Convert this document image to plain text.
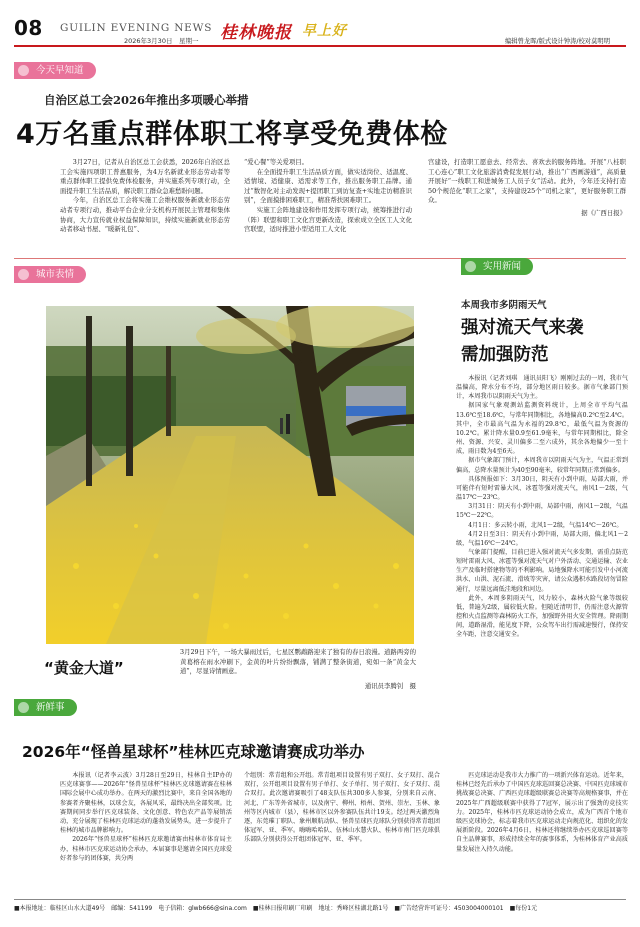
08 GUILIN EVENING NEWS
2026年3月30日　星期一 桂林晚报 早上好
编辑曾龙晖/版式设计钟涛/校对莫明明
今天早知道
自治区总工会2026年推出多项暖心举措
4万名重点群体职工将享受免费体检

3月27日，记者从自治区总工会获悉，2026年自治区总工会实施四项职工普惠服务，为4万名新就业形态劳动者等重点群体职工提供免费体检服务，并实施系列专项行动，全面提升职工生活品质，解决职工群众急难愁盼问题。

今年，自治区总工会将实施工会维权服务新就业形态劳动者专项行动，推动平台企业分支机构开展民主管理和集体协商，大力宣传就业权益保障知识，持续实施新就业形态劳动者移动书屋、“暖新礼包”、

“爱心餐”等关爱项目。

在全面提升职工生活品质方面，做实适岗位、适温度、适情境、适健康、适需求等工作，推出服务职工品牌。通过“数智化对主动发现+提团职工到访复查+实地走访精准识别”，全面摸排困难职工，精准帮扶困难职工。

实施工会阵地建设和作用发挥专项行动，统筹推进行动（阵）联盟和职工文化宫更新改造，探索成立全区工人文化宫联盟，适时推进小型适用工人文化

宫建设，打造职工愿意去、经常去、喜欢去的服务阵地。开展“八桂职工心连心”职工文化旅游消费促发展行动，推出“广西画游通”，高质量开展好“一线职工和进城务工人员子女”活动。此外，今年还支持打造50个规范化“职工之家”，支持建设25个“司机之家”，更好服务职工群众。

据《广西日报》

城市表情
“黄金大道”
3月29日下午，一场大暴雨过后，七星区鹦鹉路迎来了独有的春日浪漫。道路两旁的黄葛榕在雨水冲刷下，金黄的叶片纷纷飘落，铺满了整条街道，宛如一条“黄金大道”，尽显诗情画意。
通讯员李腾钊　摄
实用新闻
本周我市多阴雨天气
强对流天气来袭
需加强防范

本报讯（记者刘琪　通讯员阳飞）刚刚过去的一周，我市气温偏高，降水分布不均，部分地区雨日较多。据市气象部门预计，本周我市以阴雨天气为主。

据国家气象观测站监测资料统计，上周全市平均气温13.6℃至18.6℃，与常年同期相比，各地偏高0.2℃至2.4℃。其中，全市最高气温为永福的29.8℃，最低气温为资源的10.2℃。累计降水量0.9至61.9毫米，与常年同期相比，除全州、资源、兴安、灵川偏多二至六成外，其余各地偏少一至十成，雨日数为4至6天。

据市气象部门预计，本周我市以阴雨天气为主，气温正常到偏高，总降水量预计为40至90毫米，较常年同期正常到偏多。

具体预报如下：3月30日，阴天有小到中雨，局部大雨，并可能伴有短时雷暴大风、冰雹等强对流天气，南风1～2级，气温17℃～23℃。

3月31日：阴天有小到中雨，局部中雨，南风1～2级，气温15℃～22℃。

4月1日：多云转小雨，北风1～2级，气温14℃～26℃。

4月2日至3日：阴天有小到中雨，局部大雨，偏北风1～2级，气温16℃～24℃。

气象部门提醒，目前已进入强对流天气多发期，需重点防范短时雷雨大风、冰雹等强对流天气对户外活动、交通运输、农业生产及临时搭建物等的不利影响。局地强降水可能引发中小河流洪水、山洪、泥石流、滑坡等灾害，请公众遇积水路段切勿冒险通行，尽量远离低洼地段和河边。

此外，本周多阴雨天气，风力较小，森林火险气象等级较低，普遍为2级，属较低火险。但随近清明节，仍需注意火源管控和火点监测等森林防火工作，加强野外用火安全管理。降雨期间，道路湿滑，能见度下降，公众驾车出行需减速慢行，保持安全车距，注意交通安全。

新鲜事
2026年“怪兽星球杯”桂林匹克球邀请赛成功举办

本报讯（记者李云波）3月28日至29日，桂林自主IP办的匹克球赛事——2026年“怪兽星球杯”桂林匹克球邀请赛在桂林国际会展中心成功举办。在两天的激烈比赛中，来自全国各地的参赛者齐聚桂林，以球会友，各展风采，最终决出全部奖项。比赛期间同步举行匹克球装备、文化创意、特色农产品等展销活动，充分展现了桂林匹克球运动的蓬勃发展势头，进一步提升了桂林的城市品牌影响力。

2026年“怪兽星球杯”桂林匹克球邀请赛由桂林市体育局主办，桂林市匹克球运动协会承办，本届赛事是邀请全国匹克球爱好者参与的团体赛，共分两

个组别：常青组和公开组。常青组项目设置有男子双打、女子双打、混合双打，公开组项目设置有男子单打、女子单打、男子双打、女子双打、混合双打。此次邀请赛吸引了48支队伍共300多人参赛，分别来自云南、河北、广东等外省城市，以及南宁、柳州、梧州、贺州、崇左、玉林、象州等区内城市（县），桂林市区以外参赛队伍共计19支。经过两天激烈角逐，东莞璀丁职队、象州顺航动队、怪兽星球匹克球队分别获得常青组团体冠军、亚、季军。嗨嗨哈哈队、伍林山水慧火队、桂林市南门匹克球俱乐部队分别获得公开组团体冠军、亚、季军。

匹克球运动是我市大力推广的一项新兴体育运动。近年来，桂林已经先后承办了中国匹克球巡回赛总决赛、中国匹克球城市挑战赛总决赛、广西匹克球超级联赛总决赛等高规格赛事，并在2025年广西超级联赛中获得了7冠军，展示出了强劲的竞技实力。2025年，桂林市匹克球运动协会成立，成为广西首个地市级匹克球协会，标志着我市匹克球运动走向规范化、组织化的发展新阶段。2026年4月6日，桂林还将继续举办匹克球巡回赛等自主品牌赛事，形成持续全年的赛事体系，为桂林体育产业高质量发展注入持久动能。

■本报地址：临桂区山水大道49号　邮编：541199　电子信箱：glwb666@sina.com　■桂林日报印刷厂印刷　地址：秀峰区桂湖北路1号　■广告经营许可证号：4503004000101　■每份1元
